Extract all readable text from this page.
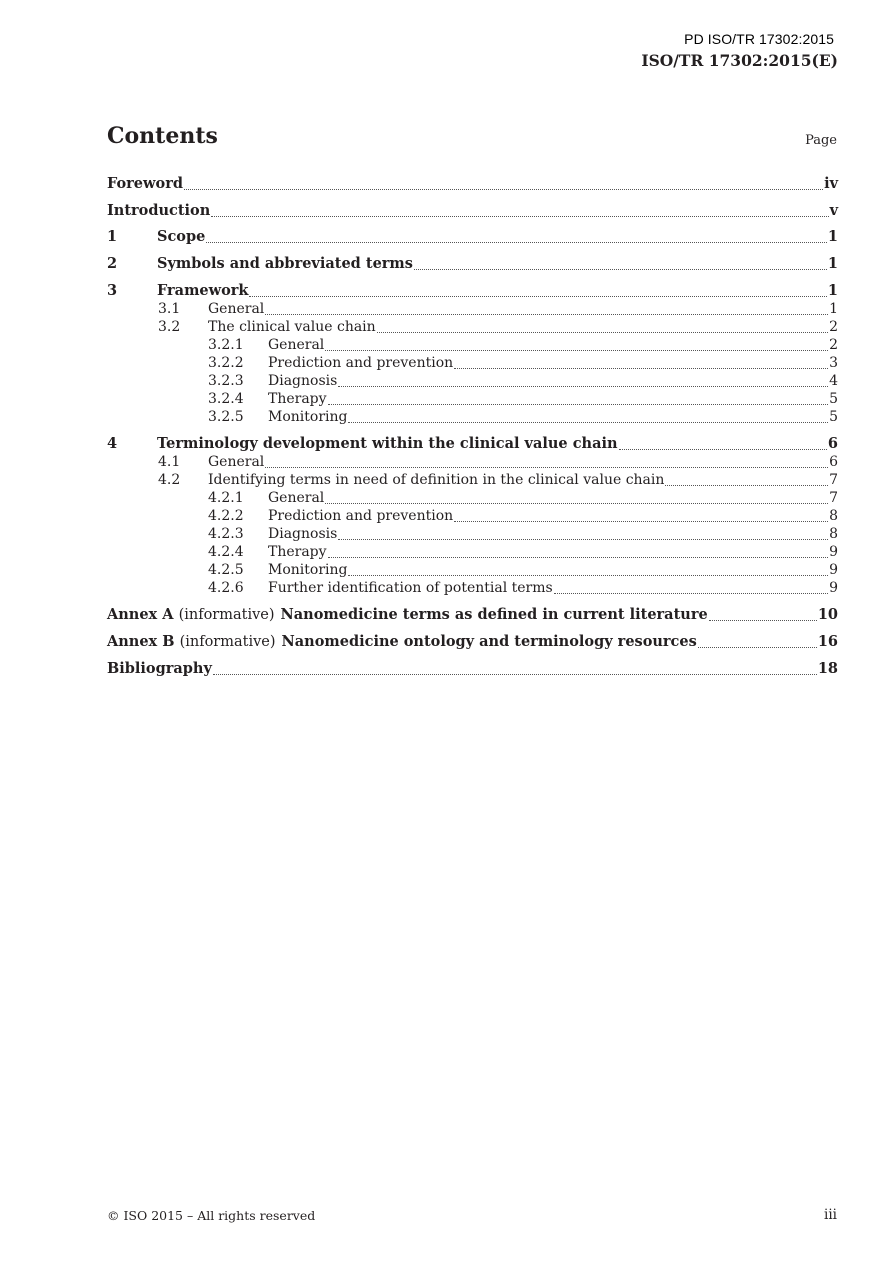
PD ISO/TR 17302:2015
ISO/TR 17302:2015(E)
Contents	Page
Foreword	iv
Introduction	v
1	Scope	1
2	Symbols and abbreviated terms	1
3	Framework	1
3.1	General	1
3.2	The clinical value chain	2
3.2.1	General	2
3.2.2	Prediction and prevention	3
3.2.3	Diagnosis	4
3.2.4	Therapy	5
3.2.5	Monitoring	5
4	Terminology development within the clinical value chain	6
4.1	General	6
4.2	Identifying terms in need of definition in the clinical value chain	7
4.2.1	General	7
4.2.2	Prediction and prevention	8
4.2.3	Diagnosis	8
4.2.4	Therapy	9
4.2.5	Monitoring	9
4.2.6	Further identification of potential terms	9
Annex A (informative) Nanomedicine terms as defined in current literature	10
Annex B (informative) Nanomedicine ontology and terminology resources	16
Bibliography	18
© ISO 2015 – All rights reserved	iii
